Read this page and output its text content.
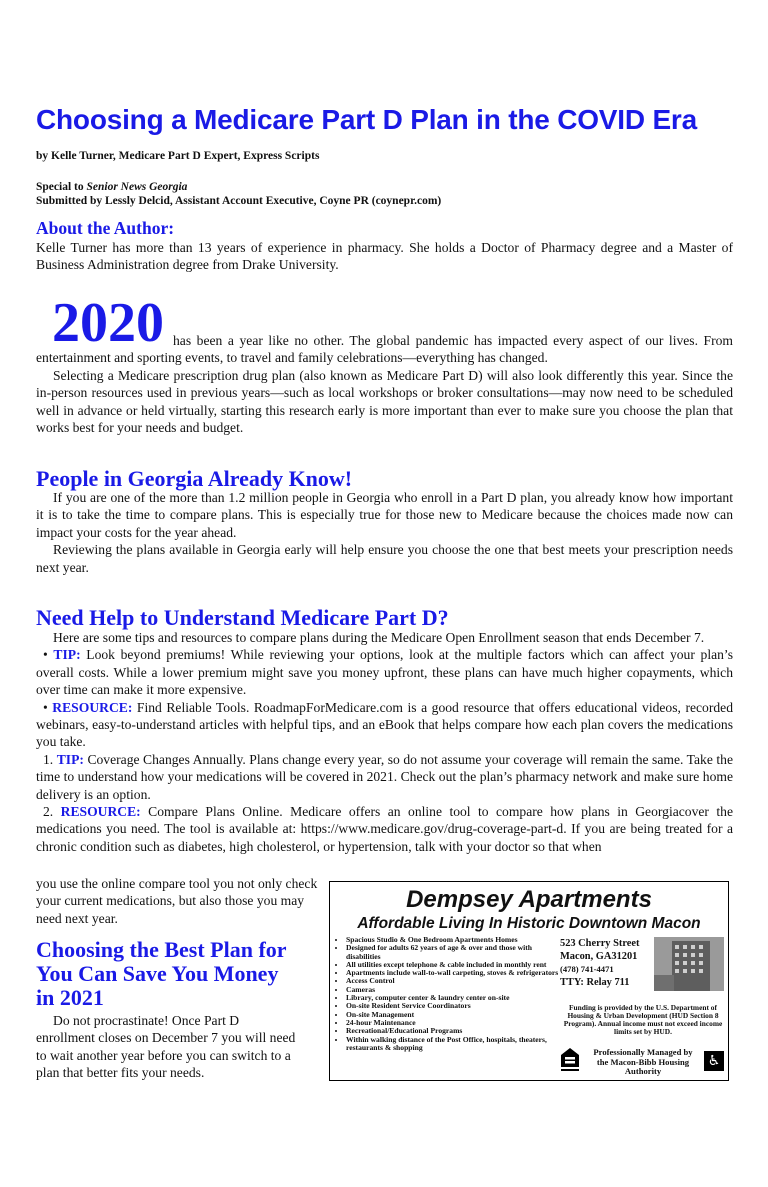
Choosing a Medicare Part D Plan in the COVID Era
by Kelle Turner, Medicare Part D Expert, Express Scripts
Special to Senior News Georgia
Submitted by Lessly Delcid, Assistant Account Executive, Coyne PR (coynepr.com)
About the Author:

Kelle Turner has more than 13 years of experience in pharmacy. She holds a Doctor of Pharmacy degree and a Master of Business Administration degree from Drake University.

2020 has been a year like no other. The global pandemic has impacted every aspect of our lives. From entertainment and sporting events, to travel and family celebrations—everything has changed.

Selecting a Medicare prescription drug plan (also known as Medicare Part D) will also look differently this year. Since the in-person resources used in previous years—such as local workshops or broker consultations—may now need to be scheduled well in advance or held virtually, starting this research early is more important than ever to make sure you choose the plan that works best for your needs and budget.

People in Georgia Already Know!

If you are one of the more than 1.2 million people in Georgia who enroll in a Part D plan, you already know how important it is to take the time to compare plans. This is especially true for those new to Medicare because the choices made now can impact your costs for the year ahead.

Reviewing the plans available in Georgia early will help ensure you choose the one that best meets your prescription needs next year.

Need Help to Understand Medicare Part D?

Here are some tips and resources to compare plans during the Medicare Open Enrollment season that ends December 7.

• TIP: Look beyond premiums! While reviewing your options, look at the multiple factors which can affect your plan’s overall costs. While a lower premium might save you money upfront, these plans can have much higher copayments, which over time can make it more expensive.

• RESOURCE: Find Reliable Tools. RoadmapForMedicare.com is a good resource that offers educational videos, recorded webinars, easy-to-understand articles with helpful tips, and an eBook that helps compare how each plan covers the medications you take.

1. TIP: Coverage Changes Annually. Plans change every year, so do not assume your coverage will remain the same. Take the time to understand how your medications will be covered in 2021. Check out the plan’s pharmacy network and make sure home delivery is an option.

2. RESOURCE: Compare Plans Online. Medicare offers an online tool to compare how plans in Georgiacover the medications you need. The tool is available at: https://www.medicare.gov/drug-coverage-part-d. If you are being treated for a chronic condition such as diabetes, high cholesterol, or hypertension, talk with your doctor so that when

you use the online compare tool you not only check your current medications, but also those you may need next year.

Choosing the Best Plan for You Can Save You Money in 2021

Do not procrastinate! Once Part D enrollment closes on December 7 you will need to wait another year before you can switch to a plan that better fits your needs.

Dempsey Apartments
Affordable Living In Historic Downtown Macon
• Spacious Studio & One Bedroom Apartments Homes
• Designed for adults 62 years of age & over and those with disabilities
• All utilities except telephone & cable included in monthly rent
• Apartments include wall-to-wall carpeting, stoves & refrigerators
• Access Control
• Cameras
• Library, computer center & laundry center on-site
• On-site Resident Service Coordinators
• On-site Management
• 24-hour Maintenance
• Recreational/Educational Programs
• Within walking distance of the Post Office, hospitals, theaters, restaurants & shopping
523 Cherry Street
Macon, GA31201
(478) 741-4471
TTY: Relay 711
Funding is provided by the U.S. Department of Housing & Urban Development (HUD Section 8 Program). Annual income must not exceed income limits set by HUD.
Professionally Managed by the Macon-Bibb Housing Authority
♿
